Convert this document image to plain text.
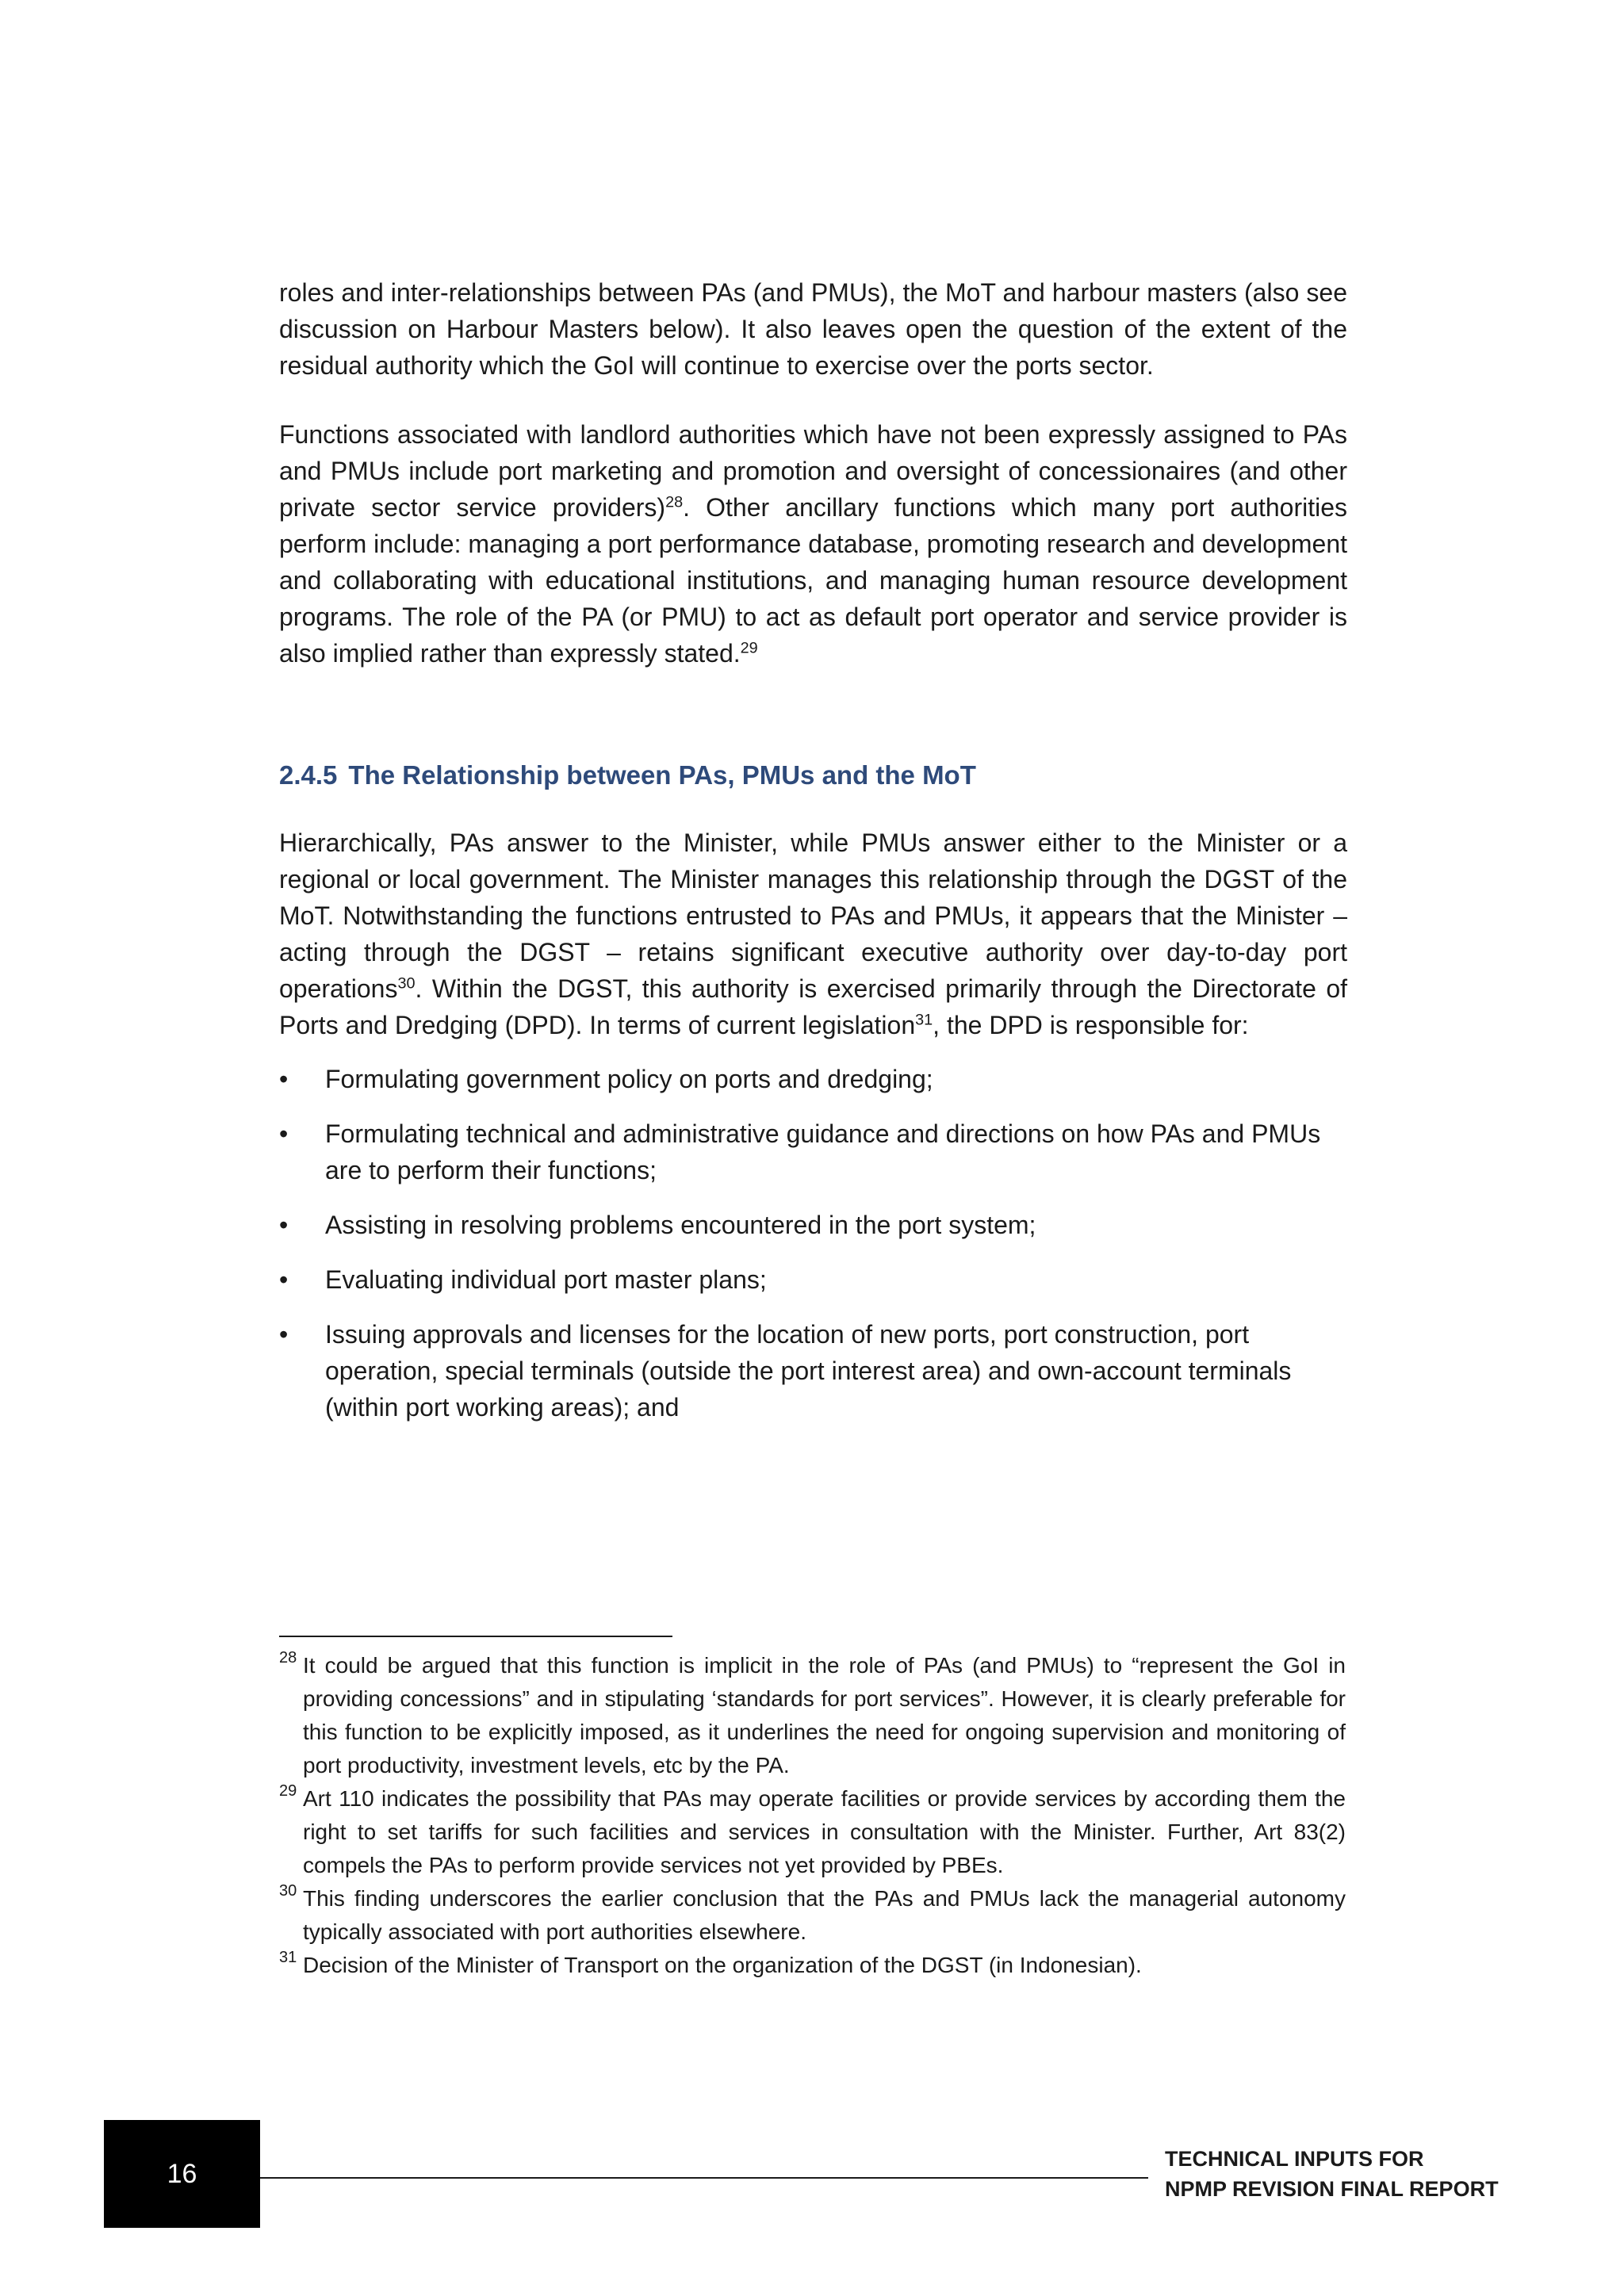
roles and inter-relationships between PAs (and PMUs), the MoT and harbour masters (also see discussion on Harbour Masters below). It also leaves open the question of the extent of the residual authority which the GoI will continue to exercise over the ports sector.

Functions associated with landlord authorities which have not been expressly assigned to PAs and PMUs include port marketing and promotion and oversight of concessionaires (and other private sector service providers)$^{28}$. Other ancillary functions which many port authorities perform include: managing a port performance database, promoting research and development and collaborating with educational institutions, and managing human resource development programs. The role of the PA (or PMU) to act as default port operator and service provider is also implied rather than expressly stated.$^{29}$

2.4.5 The Relationship between PAs, PMUs and the MoT

Hierarchically, PAs answer to the Minister, while PMUs answer either to the Minister or a regional or local government. The Minister manages this relationship through the DGST of the MoT. Notwithstanding the functions entrusted to PAs and PMUs, it appears that the Minister – acting through the DGST – retains significant executive authority over day-to-day port operations$^{30}$. Within the DGST, this authority is exercised primarily through the Directorate of Ports and Dredging (DPD). In terms of current legislation$^{31}$, the DPD is responsible for:

• Formulating government policy on ports and dredging;
• Formulating technical and administrative guidance and directions on how PAs and PMUs are to perform their functions;
• Assisting in resolving problems encountered in the port system;
• Evaluating individual port master plans;
• Issuing approvals and licenses for the location of new ports, port construction, port operation, special terminals (outside the port interest area) and own-account terminals (within port working areas); and

28 It could be argued that this function is implicit in the role of PAs (and PMUs) to “represent the GoI in providing concessions” and in stipulating ‘standards for port services”. However, it is clearly preferable for this function to be explicitly imposed, as it underlines the need for ongoing supervision and monitoring of port productivity, investment levels, etc by the PA.

29 Art 110 indicates the possibility that PAs may operate facilities or provide services by according them the right to set tariffs for such facilities and services in consultation with the Minister. Further, Art 83(2) compels the PAs to perform provide services not yet provided by PBEs.

30 This finding underscores the earlier conclusion that the PAs and PMUs lack the managerial autonomy typically associated with port authorities elsewhere.

31 Decision of the Minister of Transport on the organization of the DGST (in Indonesian).

16	TECHNICAL INPUTS FOR
NPMP REVISION FINAL REPORT
